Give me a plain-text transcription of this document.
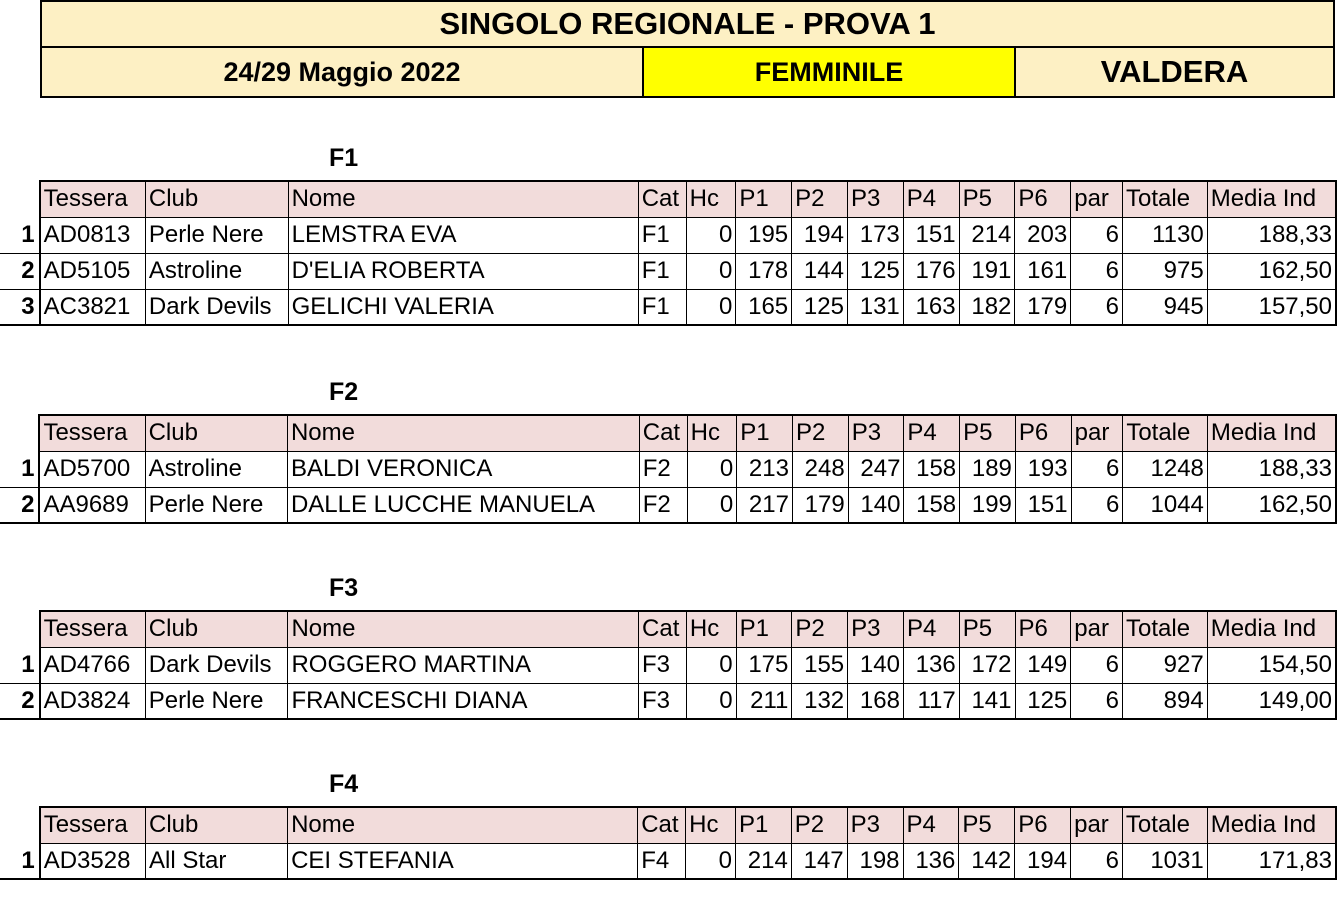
SINGOLO REGIONALE - PROVA 1
24/29 Maggio 2022	FEMMINILE	VALDERA
F1
	Tessera	Club	Nome	Cat	Hc	P1	P2	P3	P4	P5	P6	par	Totale	Media Ind
1	AD0813	Perle Nere	LEMSTRA EVA	F1	0	195	194	173	151	214	203	6	1130	188,33
2	AD5105	Astroline	D'ELIA ROBERTA	F1	0	178	144	125	176	191	161	6	975	162,50
3	AC3821	Dark Devils	GELICHI VALERIA	F1	0	165	125	131	163	182	179	6	945	157,50
F2
	Tessera	Club	Nome	Cat	Hc	P1	P2	P3	P4	P5	P6	par	Totale	Media Ind
1	AD5700	Astroline	BALDI VERONICA	F2	0	213	248	247	158	189	193	6	1248	188,33
2	AA9689	Perle Nere	DALLE LUCCHE MANUELA	F2	0	217	179	140	158	199	151	6	1044	162,50
F3
	Tessera	Club	Nome	Cat	Hc	P1	P2	P3	P4	P5	P6	par	Totale	Media Ind
1	AD4766	Dark Devils	ROGGERO MARTINA	F3	0	175	155	140	136	172	149	6	927	154,50
2	AD3824	Perle Nere	FRANCESCHI DIANA	F3	0	211	132	168	117	141	125	6	894	149,00
F4
	Tessera	Club	Nome	Cat	Hc	P1	P2	P3	P4	P5	P6	par	Totale	Media Ind
1	AD3528	All Star	CEI STEFANIA	F4	0	214	147	198	136	142	194	6	1031	171,83
